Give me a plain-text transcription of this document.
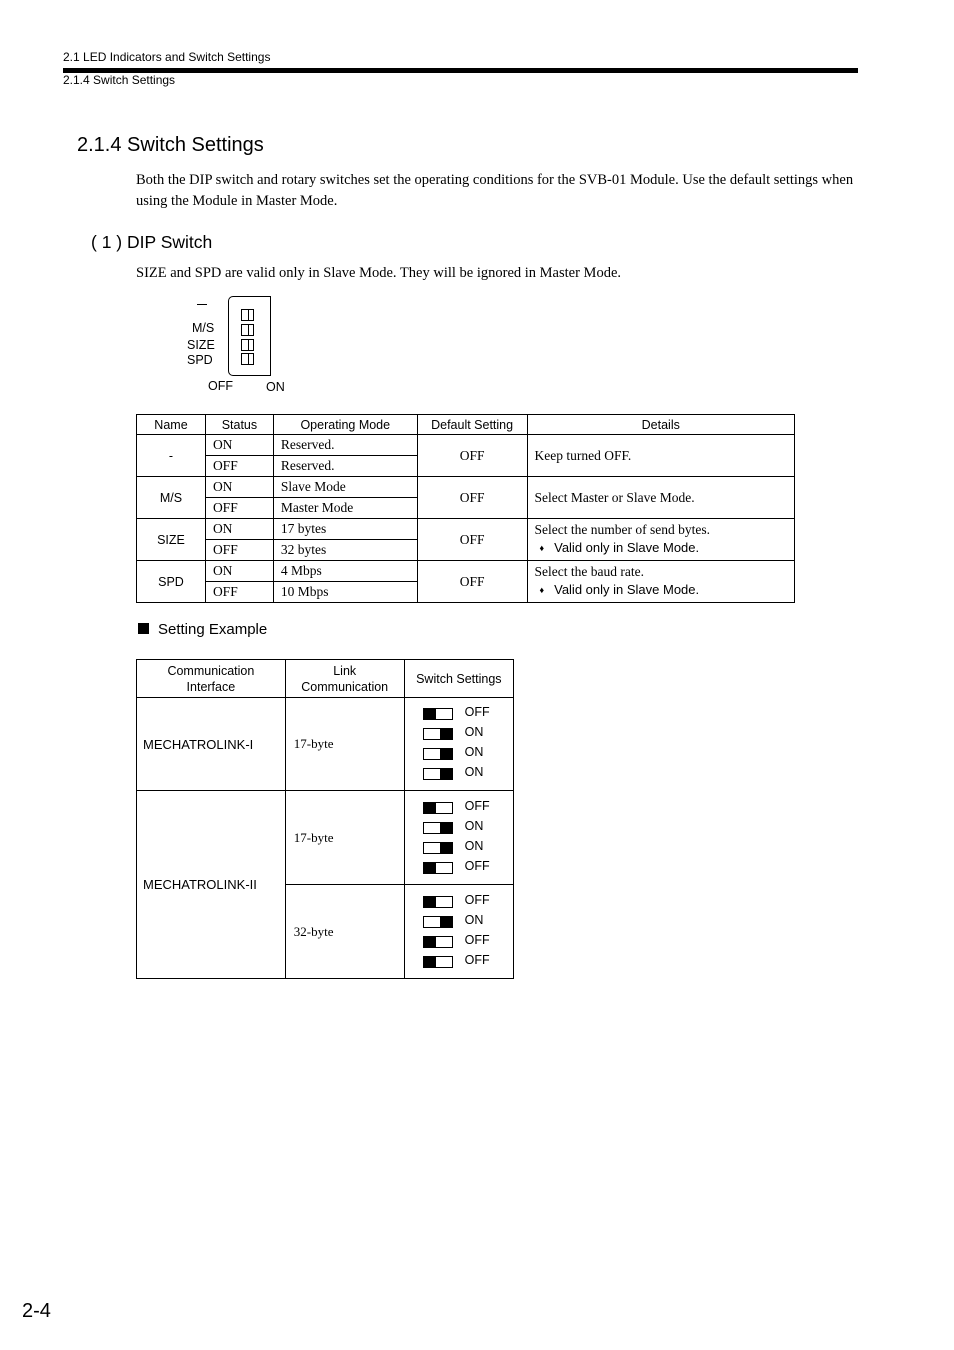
2.1 LED Indicators and Switch Settings
2.1.4 Switch Settings
2.1.4 Switch Settings
Both the DIP switch and rotary switches set the operating conditions for the SVB-01 Module. Use the default settings when using the Module in Master Mode.
( 1 ) DIP Switch
SIZE and SPD are valid only in Slave Mode. They will be ignored in Master Mode.
M/S
SIZE
SPD
OFF	ON
Name	Status	Operating Mode	Default Setting	Details
-	ON	Reserved.	OFF	Keep turned OFF.
	OFF	Reserved.		
M/S	ON	Slave Mode	OFF	Select Master or Slave Mode.
	OFF	Master Mode		
SIZE	ON	17 bytes	OFF	Select the number of send bytes.
♦ Valid only in Slave Mode.

	OFF	32 bytes		
SPD	ON	4 Mbps	OFF	Select the baud rate.
♦ Valid only in Slave Mode.

	OFF	10 Mbps		
Setting Example
Communication Interface	Link Communication	Switch Settings
MECHATROLINK-I	17-byte	OFF
ON
ON
ON

MECHATROLINK-II	17-byte	OFF
ON
ON
OFF

	32-byte	OFF
ON
OFF
OFF
2-4
